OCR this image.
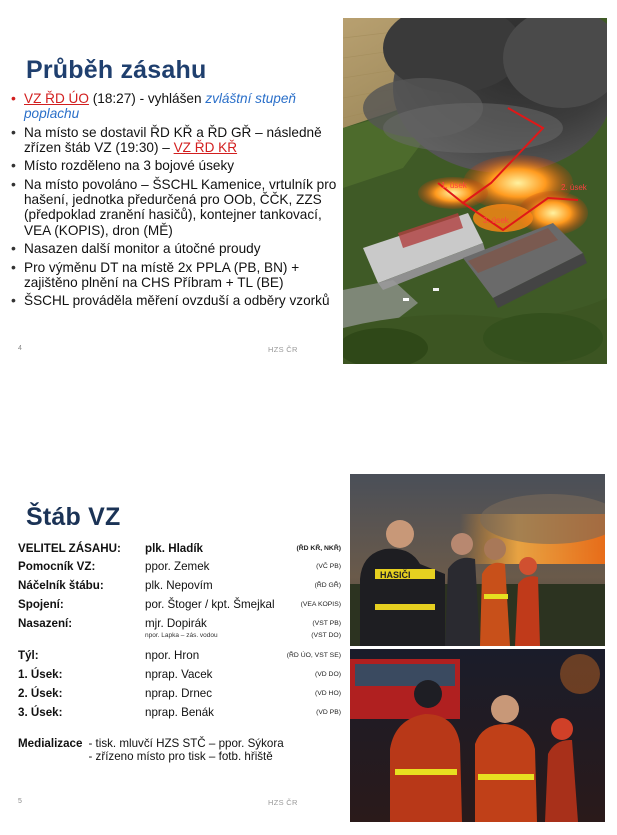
Průběh zásahu
• VZ ŘD ÚO (18:27) - vyhlášen zvláštní stupeň poplachu
• Na místo se dostavil ŘD KŘ a ŘD GŘ – následně zřízen štáb VZ (19:30) – VZ ŘD KŘ
• Místo rozděleno na 3 bojové úseky
• Na místo povoláno – ŠSCHL Kamenice, vrtulník pro hašení, jednotka předurčená pro OOb, ČČK, ZZS (předpoklad zranění hasičů), kontejner tankovací, VEA (KOPIS), dron (MĚ)
• Nasazen další monitor a útočné proudy
• Pro výměnu DT na místě 2x PPLA (PB, BN) + zajištěno plnění na CHS Příbram + TL (BE)
• ŠSCHL prováděla měření ovzduší a odběry vzorků
4	HZS ČR
1. úsek	2. úsek
3. úsek
Štáb VZ
VELITEL ZÁSAHU: plk. Hladík	(ŘD KŘ, NKŘ)
Pomocník VZ:	ppor. Zemek	(VČ PB)
Náčelník štábu:	plk. Nepovím	(ŘD GŘ)
Spojení:	por. Štoger / kpt. Šmejkal	(VEA KOPIS)
Nasazení:	mjr. Dopirák	(VST PB)
npor. Lapka – zás. vodou	(VST DO)
Týl:	npor. Hron	(ŘD ÚO, VST SE)
1. Úsek:	nprap. Vacek	(VD DO)
2. Úsek:	nprap. Drnec	(VD HO)
3. Úsek:	nprap. Benák	(VD PB)
Medializace - tisk. mluvčí HZS STČ – ppor. Sýkora
- zřízeno místo pro tisk – fotb. hřiště
5	HZS ČR
HASIČI
